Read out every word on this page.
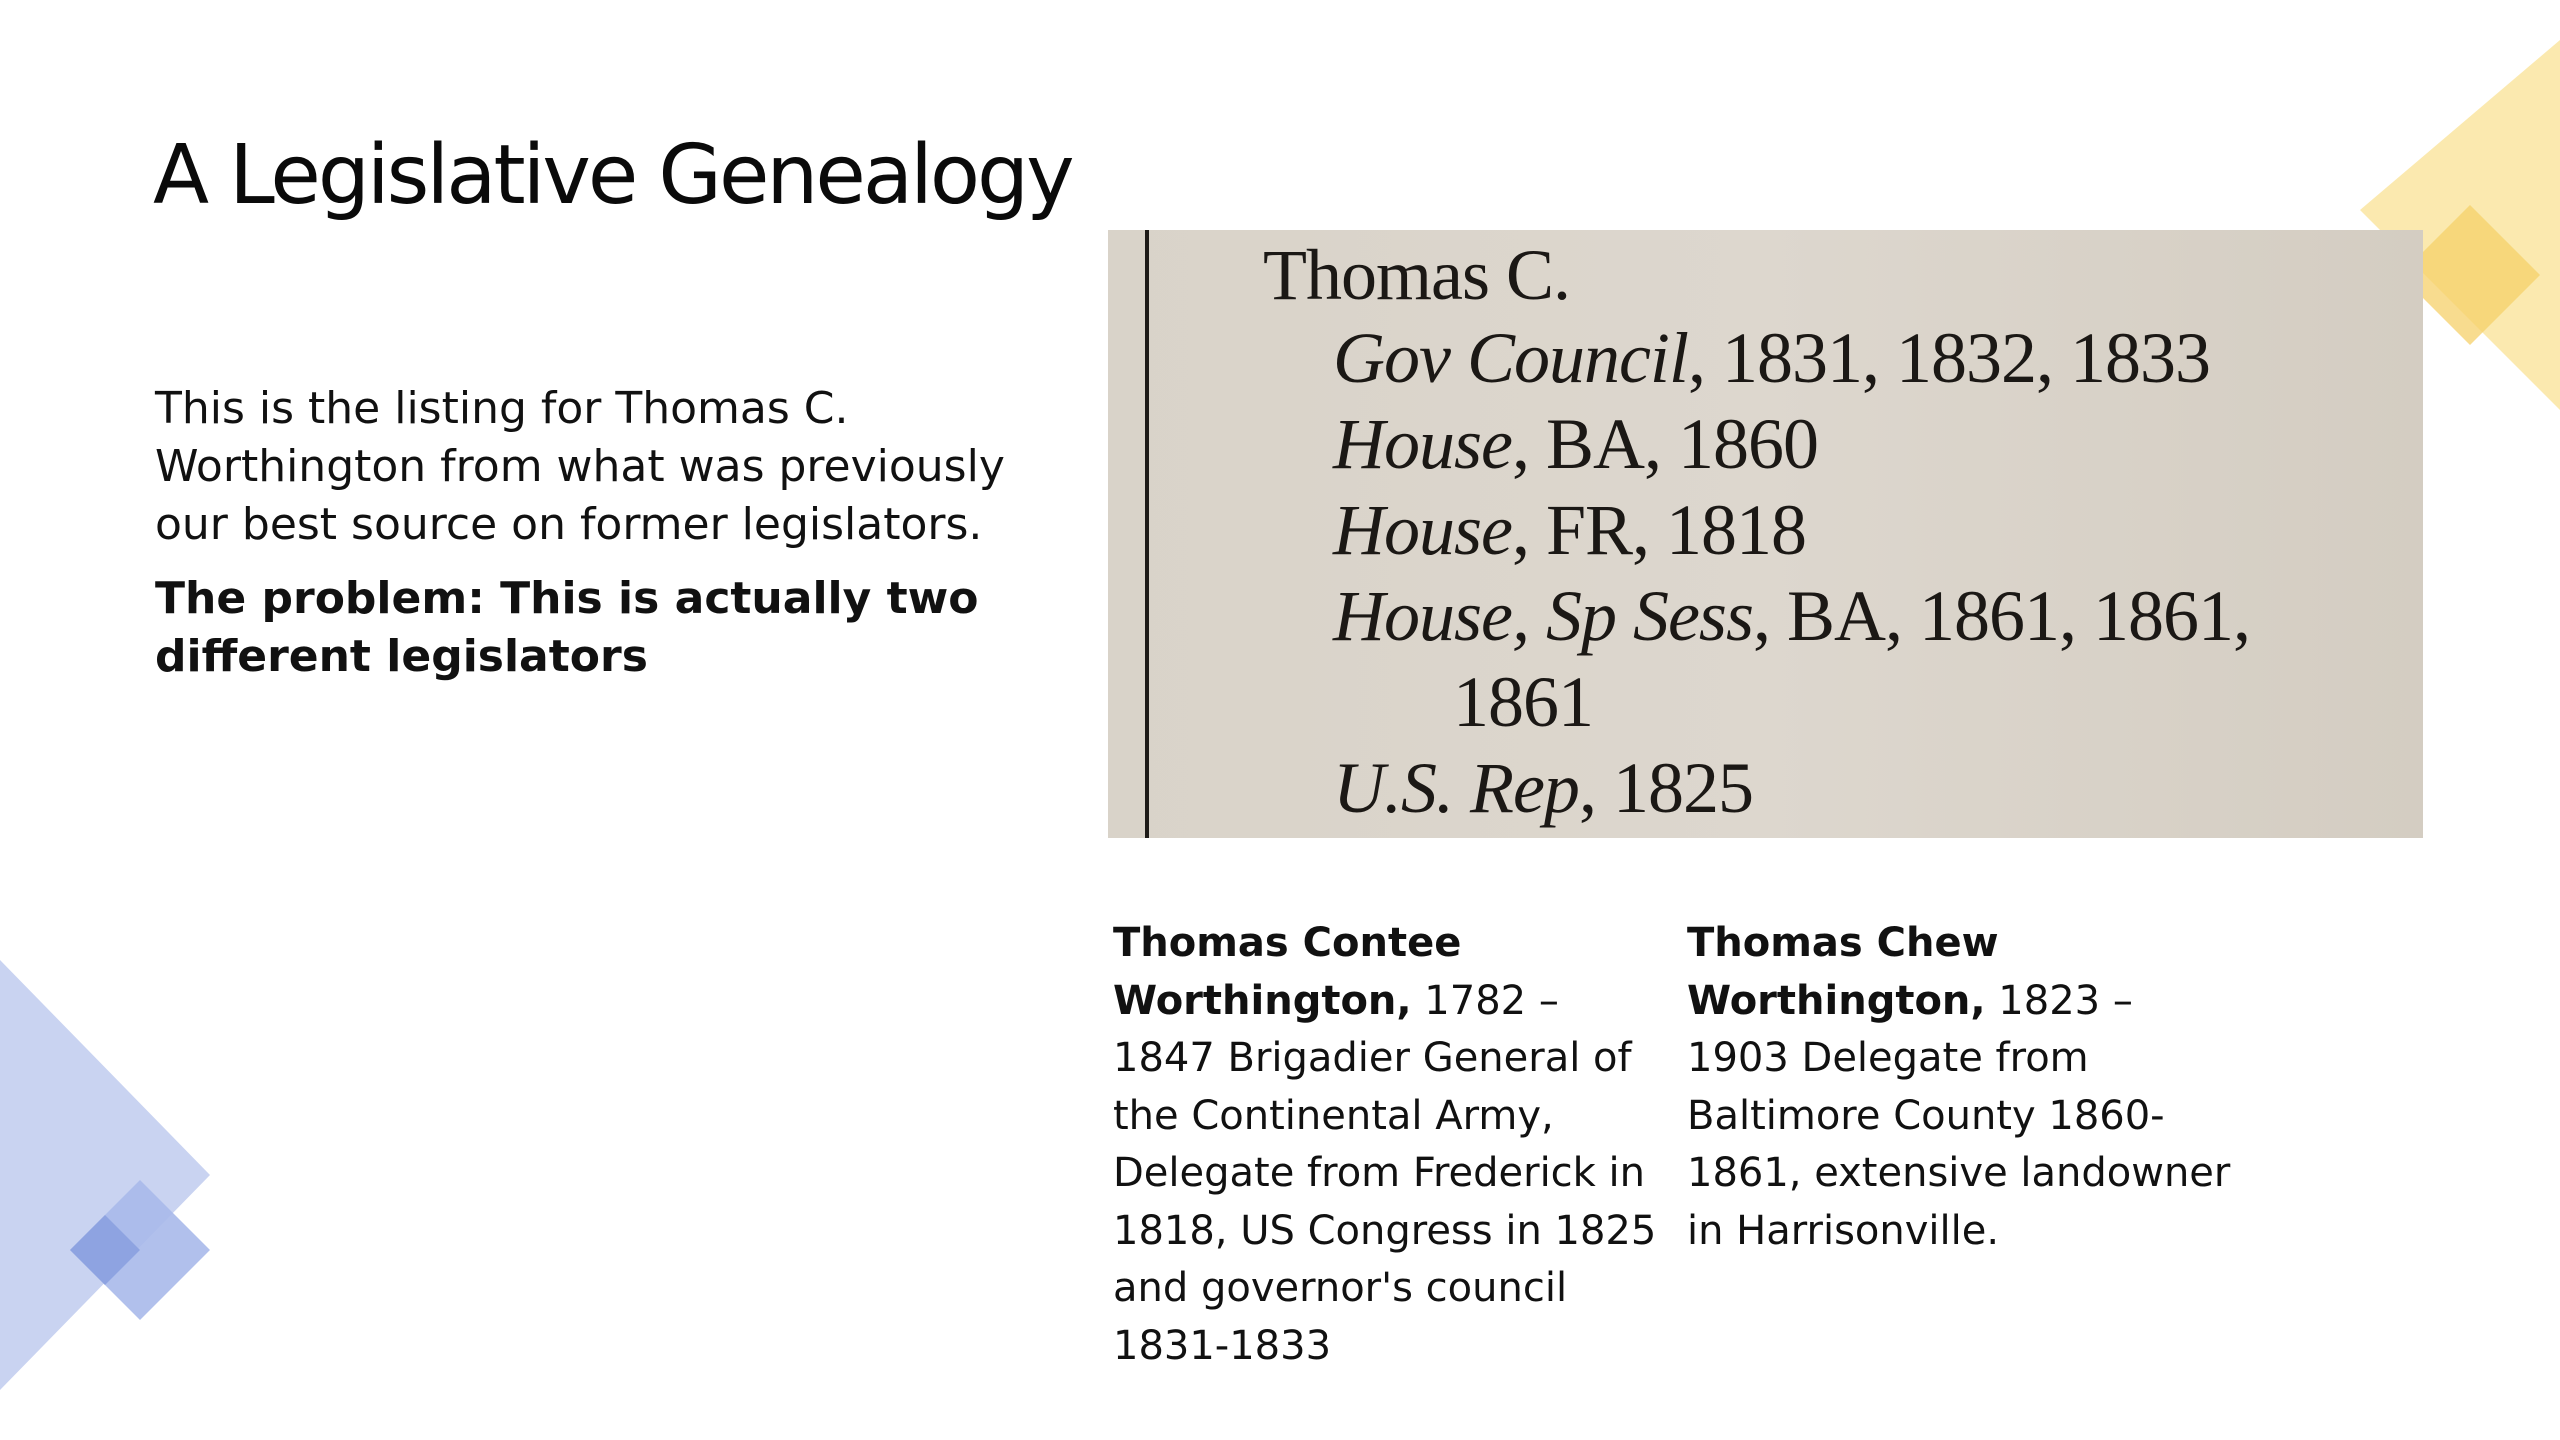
A Legislative Genealogy

This is the listing for Thomas C. Worthington from what was previously our best source on former legislators.

The problem: This is actually two different legislators

Thomas C.
Gov Council, 1831, 1832, 1833
House, BA, 1860
House, FR, 1818
House, Sp Sess, BA, 1861, 1861,
1861
U.S. Rep, 1825
Thomas Contee Worthington, 1782 – 1847 Brigadier General of the Continental Army, Delegate from Frederick in 1818, US Congress in 1825 and governor's council 1831-1833
Thomas Chew Worthington, 1823 – 1903 Delegate from Baltimore County 1860-1861, extensive landowner in Harrisonville.
